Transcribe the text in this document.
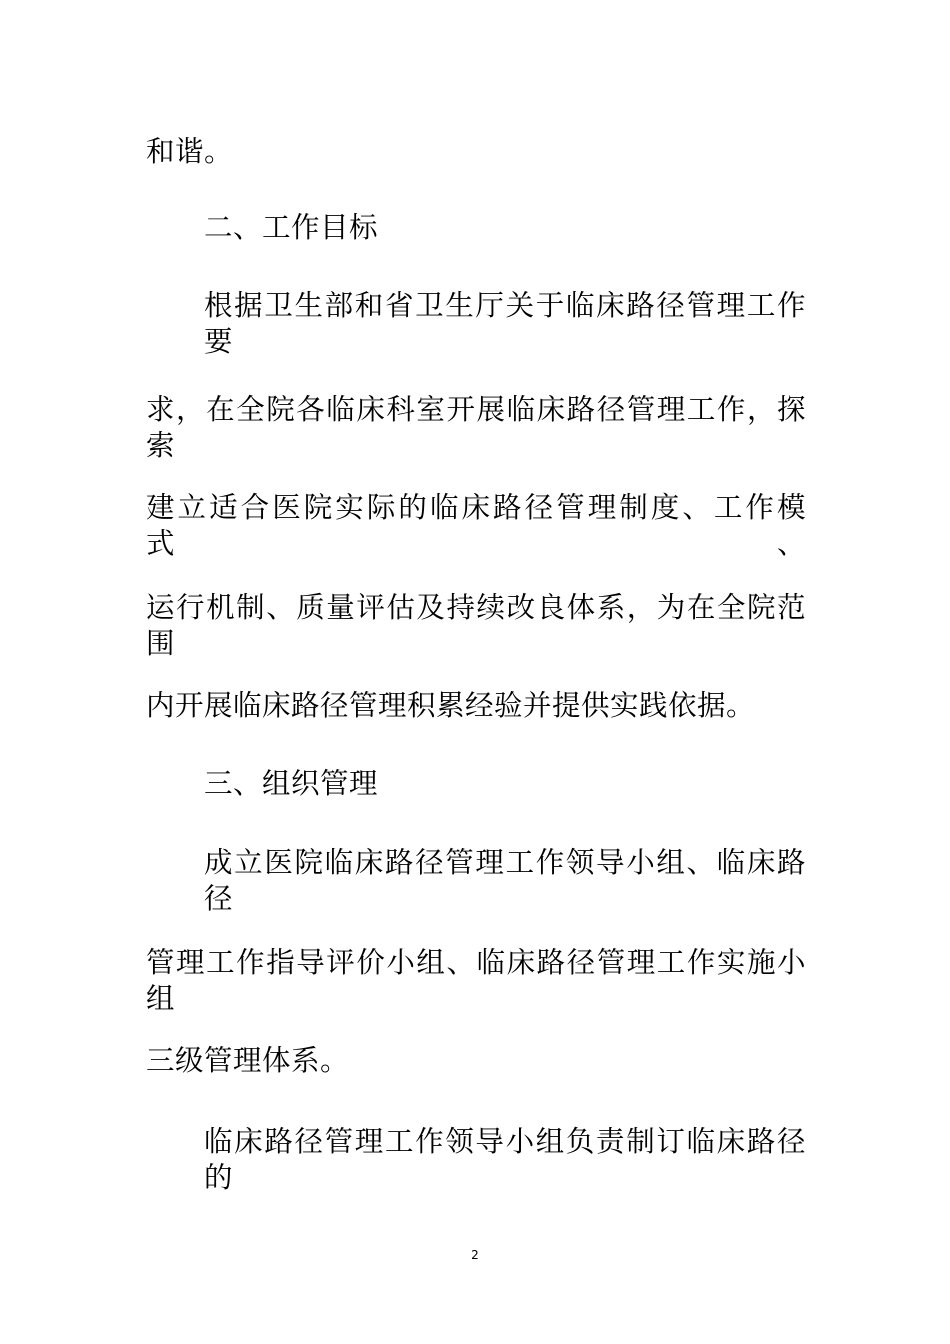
和谐。
二、工作目标
根据卫生部和省卫生厅关于临床路径管理工作要
求，在全院各临床科室开展临床路径管理工作，探索
建立适合医院实际的临床路径管理制度、工作模式、
运行机制、质量评估及持续改良体系，为在全院范围
内开展临床路径管理积累经验并提供实践依据。
三、组织管理
成立医院临床路径管理工作领导小组、临床路径
管理工作指导评价小组、临床路径管理工作实施小组
三级管理体系。
临床路径管理工作领导小组负责制订临床路径的
2
